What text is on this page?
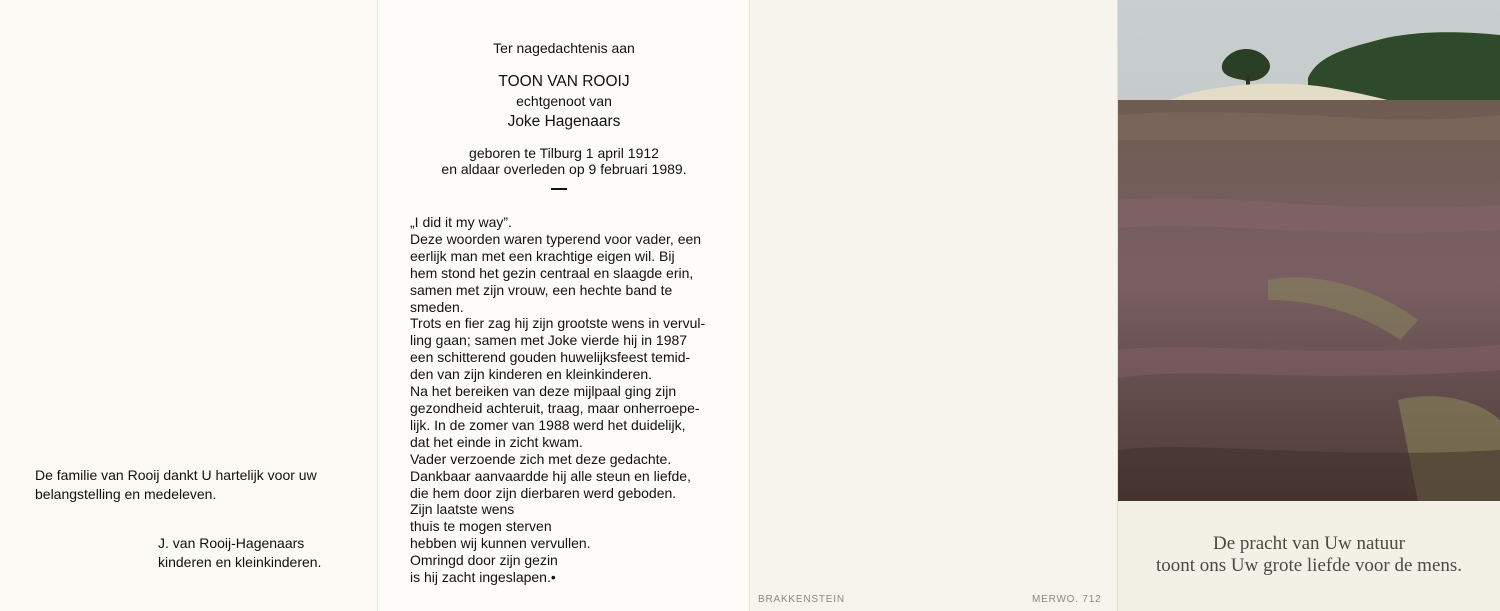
De familie van Rooij dankt U hartelijk voor uw
belangstelling en medeleven.
J. van Rooij-Hagenaars
kinderen en kleinkinderen.
Ter nagedachtenis aan
TOON VAN ROOIJ
echtgenoot van
Joke Hagenaars
geboren te Tilburg 1 april 1912
en aldaar overleden op 9 februari 1989.

„I did it my way”.

Deze woorden waren typerend voor vader, een

eerlijk man met een krachtige eigen wil. Bij

hem stond het gezin centraal en slaagde erin,

samen met zijn vrouw, een hechte band te

smeden.

Trots en fier zag hij zijn grootste wens in vervul-

ling gaan; samen met Joke vierde hij in 1987

een schitterend gouden huwelijksfeest temid-

den van zijn kinderen en kleinkinderen.

Na het bereiken van deze mijlpaal ging zijn

gezondheid achteruit, traag, maar onherroepe-

lijk. In de zomer van 1988 werd het duidelijk,

dat het einde in zicht kwam.

Vader verzoende zich met deze gedachte.

Dankbaar aanvaardde hij alle steun en liefde,

die hem door zijn dierbaren werd geboden.

Zijn laatste wens

thuis te mogen sterven

hebben wij kunnen vervullen.

Omringd door zijn gezin

is hij zacht ingeslapen.•

BRAKKENSTEIN	MERWO. 712
De pracht van Uw natuur
toont ons Uw grote liefde voor de mens.
